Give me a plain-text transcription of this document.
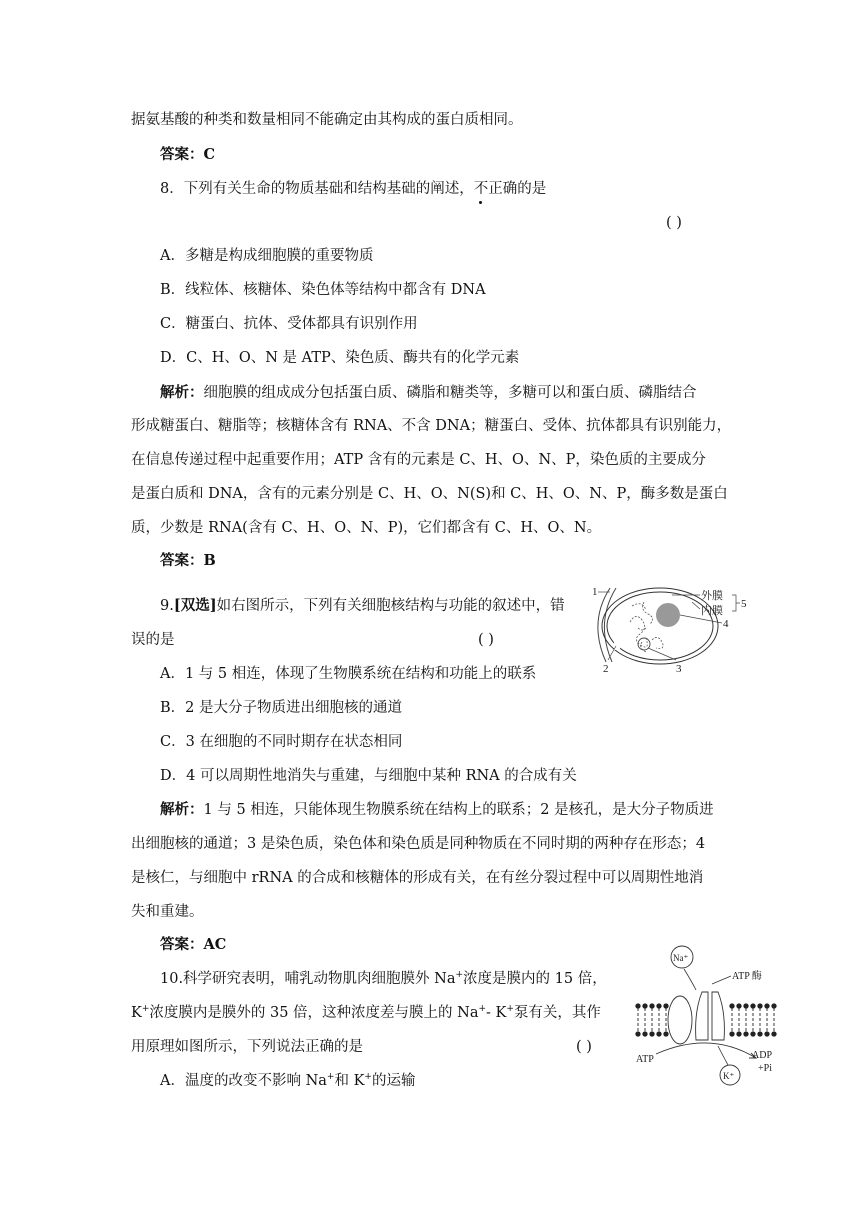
据氨基酸的种类和数量相同不能确定由其构成的蛋白质相同。
答案：C
8．下列有关生命的物质基础和结构基础的阐述，不正确的是
( )
A．多糖是构成细胞膜的重要物质
B．线粒体、核糖体、染色体等结构中都含有 DNA
C．糖蛋白、抗体、受体都具有识别作用
D．C、H、O、N 是 ATP、染色质、酶共有的化学元素
解析：细胞膜的组成成分包括蛋白质、磷脂和糖类等，多糖可以和蛋白质、磷脂结合
形成糖蛋白、糖脂等；核糖体含有 RNA、不含 DNA；糖蛋白、受体、抗体都具有识别能力，
在信息传递过程中起重要作用；ATP 含有的元素是 C、H、O、N、P，染色质的主要成分
是蛋白质和 DNA，含有的元素分别是 C、H、O、N(S)和 C、H、O、N、P，酶多数是蛋白
质，少数是 RNA(含有 C、H、O、N、P)，它们都含有 C、H、O、N。
答案：B
9.[双选]如右图所示，下列有关细胞核结构与功能的叙述中，错
误的是	( )
1	外膜
内膜
5
4
2	3
A．1 与 5 相连，体现了生物膜系统在结构和功能上的联系
B．2 是大分子物质进出细胞核的通道
C．3 在细胞的不同时期存在状态相同
D．4 可以周期性地消失与重建，与细胞中某种 RNA 的合成有关
解析：1 与 5 相连，只能体现生物膜系统在结构上的联系；2 是核孔，是大分子物质进
出细胞核的通道；3 是染色质，染色体和染色质是同种物质在不同时期的两种存在形态；4
是核仁，与细胞中 rRNA 的合成和核糖体的形成有关，在有丝分裂过程中可以周期性地消
失和重建。
答案：AC
10.科学研究表明，哺乳动物肌肉细胞膜外 Na+浓度是膜内的 15 倍，
K+浓度膜内是膜外的 35 倍，这种浓度差与膜上的 Na+- K+泵有关，其作
用原理如图所示，下列说法正确的是	( )
A．温度的改变不影响 Na+和 K+的运输
Na⁺
ATP 酶
ATP	ADP
+Pi
K⁺
